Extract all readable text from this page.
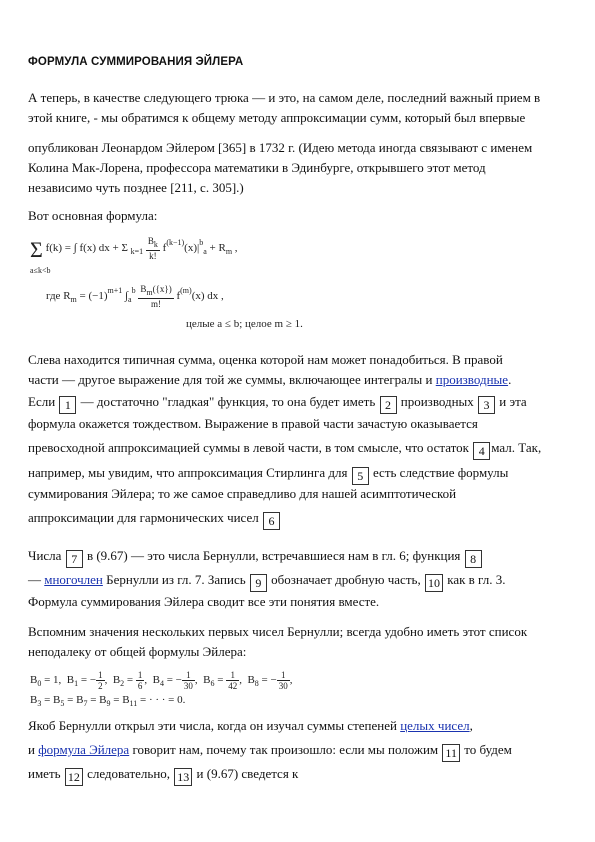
ФОРМУЛА СУММИРОВАНИЯ ЭЙЛЕРА
А теперь, в качестве следующего трюка — и это, на самом деле, последний важный прием в
этой книге, - мы обратимся к общему методу аппроксимации сумм, который был впервые
опубликован Леонардом Эйлером [365] в 1732 г. (Идею метода иногда связывают с именем
Колина Мак-Лорена, профессора математики в Эдинбурге, открывшего этот метод
независимо чуть позднее [211, с. 305].)
Вот основная формула:
Σ f(k) = ∫ f(x) dx + Σ $_{k=1} \frac{Bk}{k!} f^{(k-1)}(x)|^b_a + R_m$ ,
a≤k<b
где $R_m = (-1)^{m+1}$ $\int_a^b \frac{Bm(\{x\})}{m!} f^{(m)}(x)$ dx ,
целые a ≤ b; целое m ≥ 1.
Слева находится типичная сумма, оценка которой нам может понадобиться. В правой
части — другое выражение для той же суммы, включающее интегралы и производные.
Если 1 — достаточно "гладкая" функция, то она будет иметь 2 производных 3 и эта
формула окажется тождеством. Выражение в правой части зачастую оказывается
превосходной аппроксимацией суммы в левой части, в том смысле, что остаток 4 мал. Так,
например, мы увидим, что аппроксимация Стирлинга для 5 есть следствие формулы
суммирования Эйлера; то же самое справедливо для нашей асимптотической
аппроксимации для гармонических чисел 6
Числа 7 в (9.67) — это числа Бернулли, встречавшиеся нам в гл. 6; функция 8
— многочлен Бернулли из гл. 7. Запись 9 обозначает дробную часть, 10 как в гл. 3.
Формула суммирования Эйлера сводит все эти понятия вместе.
Вспомним значения нескольких первых чисел Бернулли; всегда удобно иметь этот список
неподалеку от общей формулы Эйлера:
$B_0 = 1$,  $B_1$ = − $\frac{1}{2}$ ,  $B_2 = \frac{1}{6}$ ,  $B_4$ = − $\frac{1}{30}$ ,  $B_6 = \frac{1}{42}$ ,  $B_8$ = − $\frac{1}{30}$ ,
$B_3 = B_5 = B_7 = B_9 = B_{11}$ = · · · = 0.
Якоб Бернулли открыл эти числа, когда он изучал суммы степеней целых чисел,
и формула Эйлера говорит нам, почему так произошло: если мы положим 11 то будем
иметь 12 следовательно, 13 и (9.67) сведется к
